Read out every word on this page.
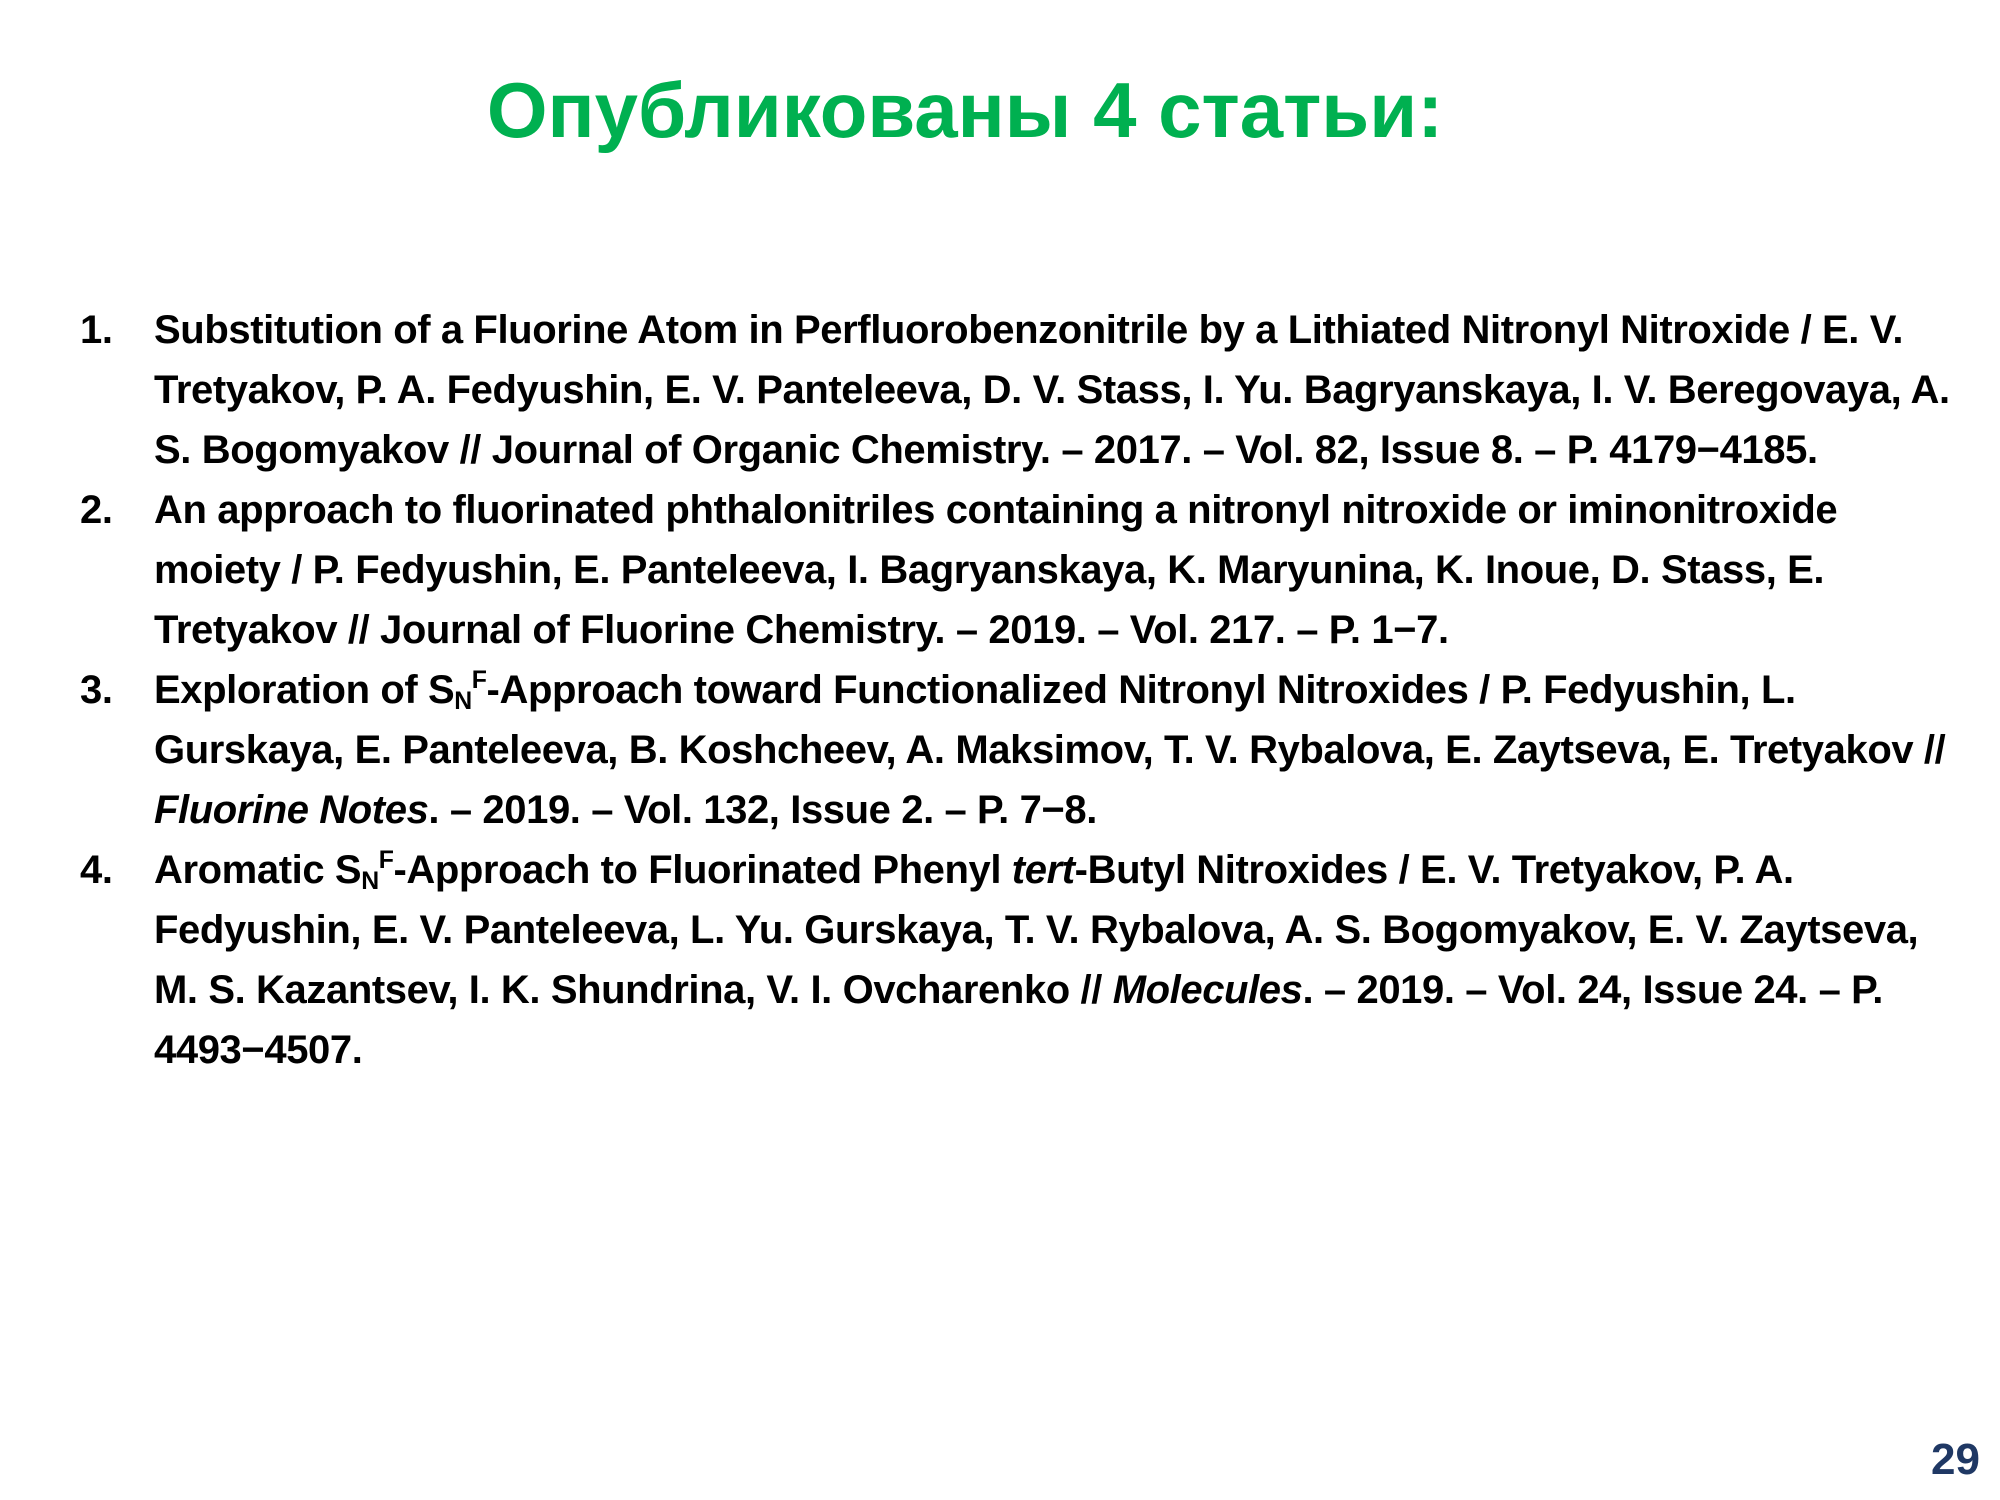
Опубликованы 4 статьи:
1.	Substitution of a Fluorine Atom in Perfluorobenzonitrile by a Lithiated Nitronyl Nitroxide / E. V. Tretyakov, P. A. Fedyushin, E. V. Panteleeva, D. V. Stass, I. Yu. Bagryanskaya, I. V. Beregovaya, A. S. Bogomyakov // Journal of Organic Chemistry. – 2017. – Vol. 82, Issue 8. – P. 4179−4185.
2.	An approach to fluorinated phthalonitriles containing a nitronyl nitroxide or iminonitroxide moiety / P. Fedyushin, E. Panteleeva, I. Bagryanskaya, K. Maryunina, K. Inoue, D. Stass, E. Tretyakov // Journal of Fluorine Chemistry. – 2019. – Vol. 217. – P. 1−7.
3.	Exploration of $S_N^F$-Approach toward Functionalized Nitronyl Nitroxides / P. Fedyushin, L. Gurskaya, E. Panteleeva, B. Koshcheev, A. Maksimov, T. V. Rybalova, E. Zaytseva, E. Tretyakov // Fluorine Notes. – 2019. – Vol. 132, Issue 2. – P. 7−8.
4.	Aromatic $S_N^F$-Approach to Fluorinated Phenyl tert-Butyl Nitroxides / E. V. Tretyakov, P. A. Fedyushin, E. V. Panteleeva, L. Yu. Gurskaya, T. V. Rybalova, A. S. Bogomyakov, E. V. Zaytseva, M. S. Kazantsev, I. K. Shundrina, V. I. Ovcharenko // Molecules. – 2019. – Vol. 24, Issue 24. – P. 4493−4507.
29
